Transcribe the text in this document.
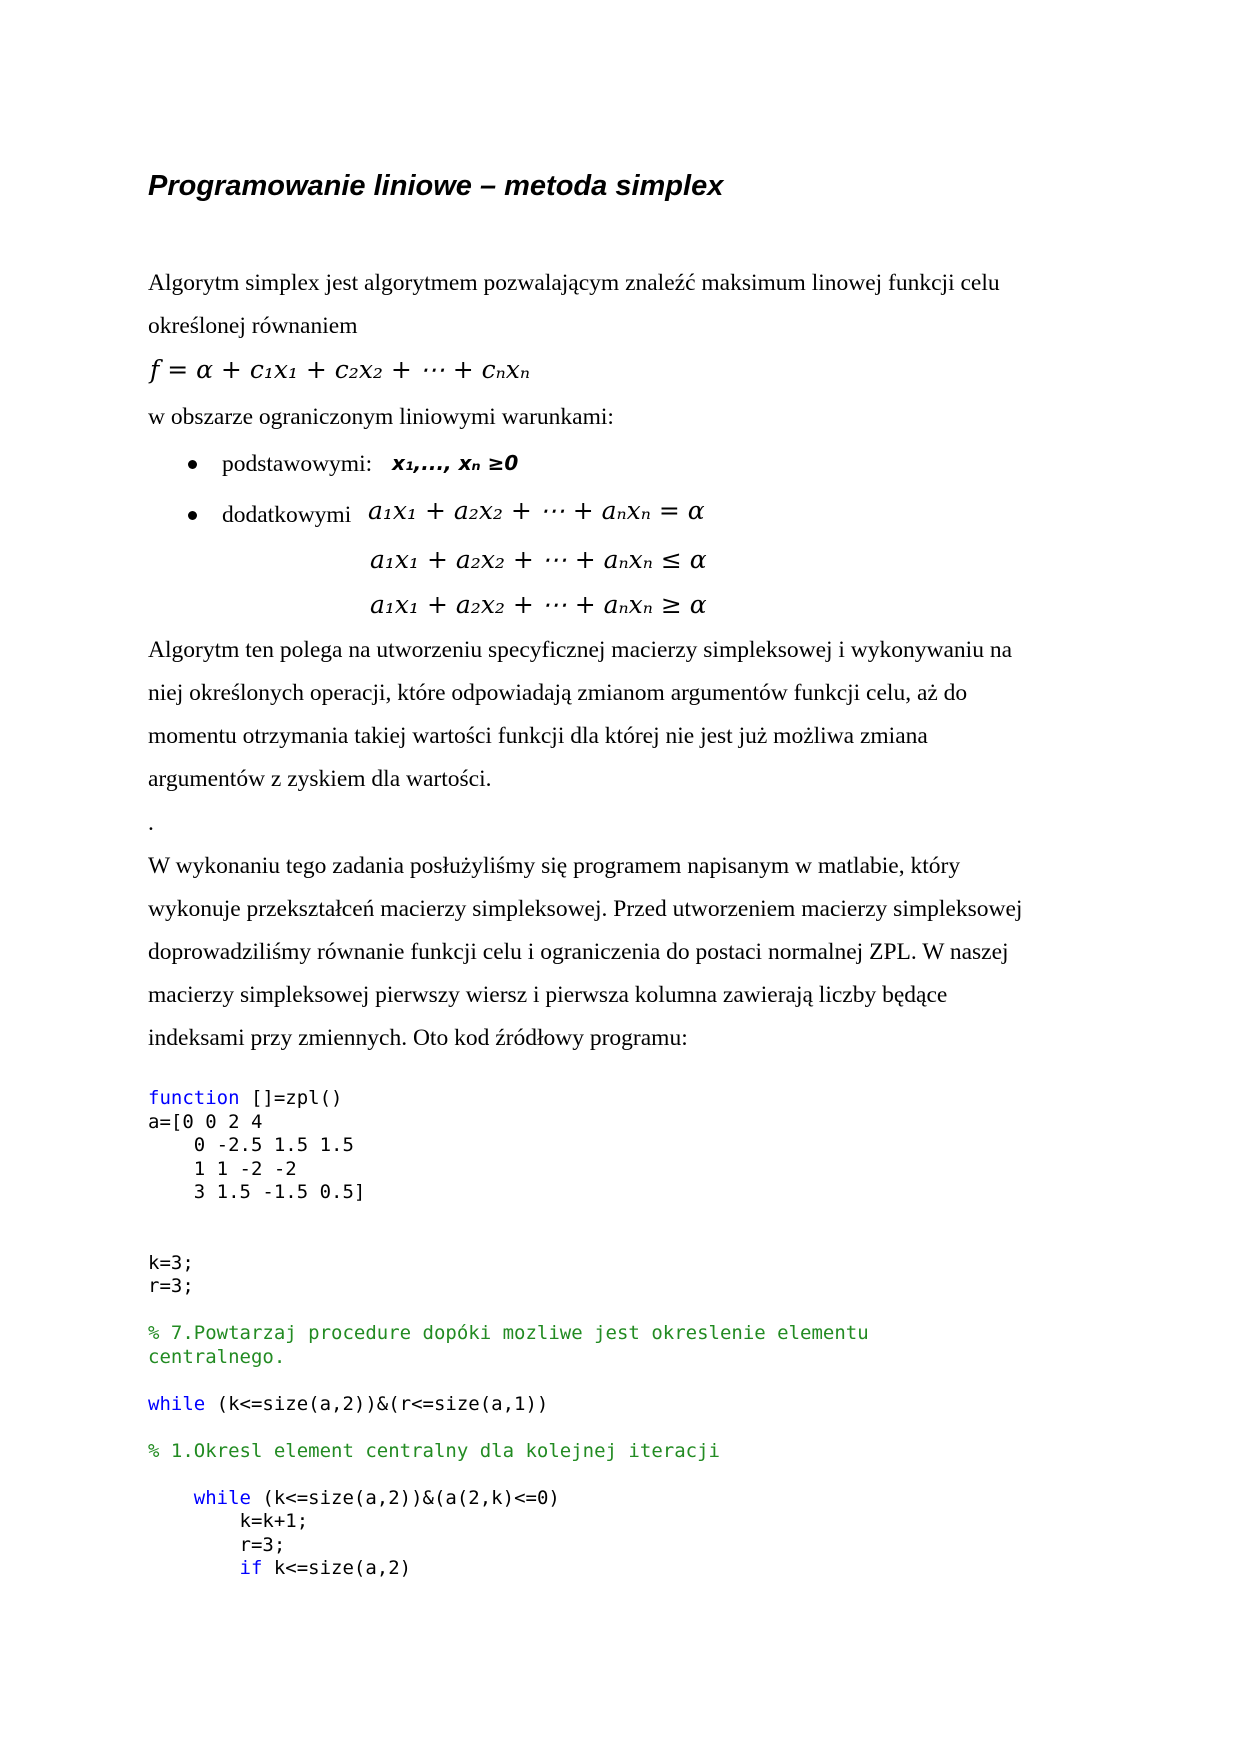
Programowanie liniowe – metoda simplex
Algorytm simplex jest algorytmem pozwalającym znaleźć maksimum linowej funkcji celu
określonej równaniem
f = α + c₁x₁ + c₂x₂ + ⋯ + cₙxₙ
w obszarze ograniczonym liniowymi warunkami:
podstawowymi: x₁,..., xₙ ≥0
dodatkowymi a₁x₁ + a₂x₂ + ⋯ + aₙxₙ = α
a₁x₁ + a₂x₂ + ⋯ + aₙxₙ ≤ α
a₁x₁ + a₂x₂ + ⋯ + aₙxₙ ≥ α
Algorytm ten polega na utworzeniu specyficznej macierzy simpleksowej i wykonywaniu na
niej określonych operacji, które odpowiadają zmianom argumentów funkcji celu, aż do
momentu otrzymania takiej wartości funkcji dla której nie jest już możliwa zmiana
argumentów z zyskiem dla wartości.
.
W wykonaniu tego zadania posłużyliśmy się programem napisanym w matlabie, który
wykonuje przekształceń macierzy simpleksowej. Przed utworzeniem macierzy simpleksowej
doprowadziliśmy równanie funkcji celu i ograniczenia do postaci normalnej ZPL. W naszej
macierzy simpleksowej pierwszy wiersz i pierwsza kolumna zawierają liczby będące
indeksami przy zmiennych. Oto kod źródłowy programu:
function []=zpl()
a=[0 0 2 4
0 -2.5 1.5 1.5
1 1 -2 -2
3 1.5 -1.5 0.5]

k=3;
r=3;

% 7.Powtarzaj procedure dopóki mozliwe jest okreslenie elementu
centralnego.

while (k<=size(a,2))&(r<=size(a,1))

% 1.Okresl element centralny dla kolejnej iteracji

while (k<=size(a,2))&(a(2,k)<=0)
k=k+1;
r=3;
if k<=size(a,2)
